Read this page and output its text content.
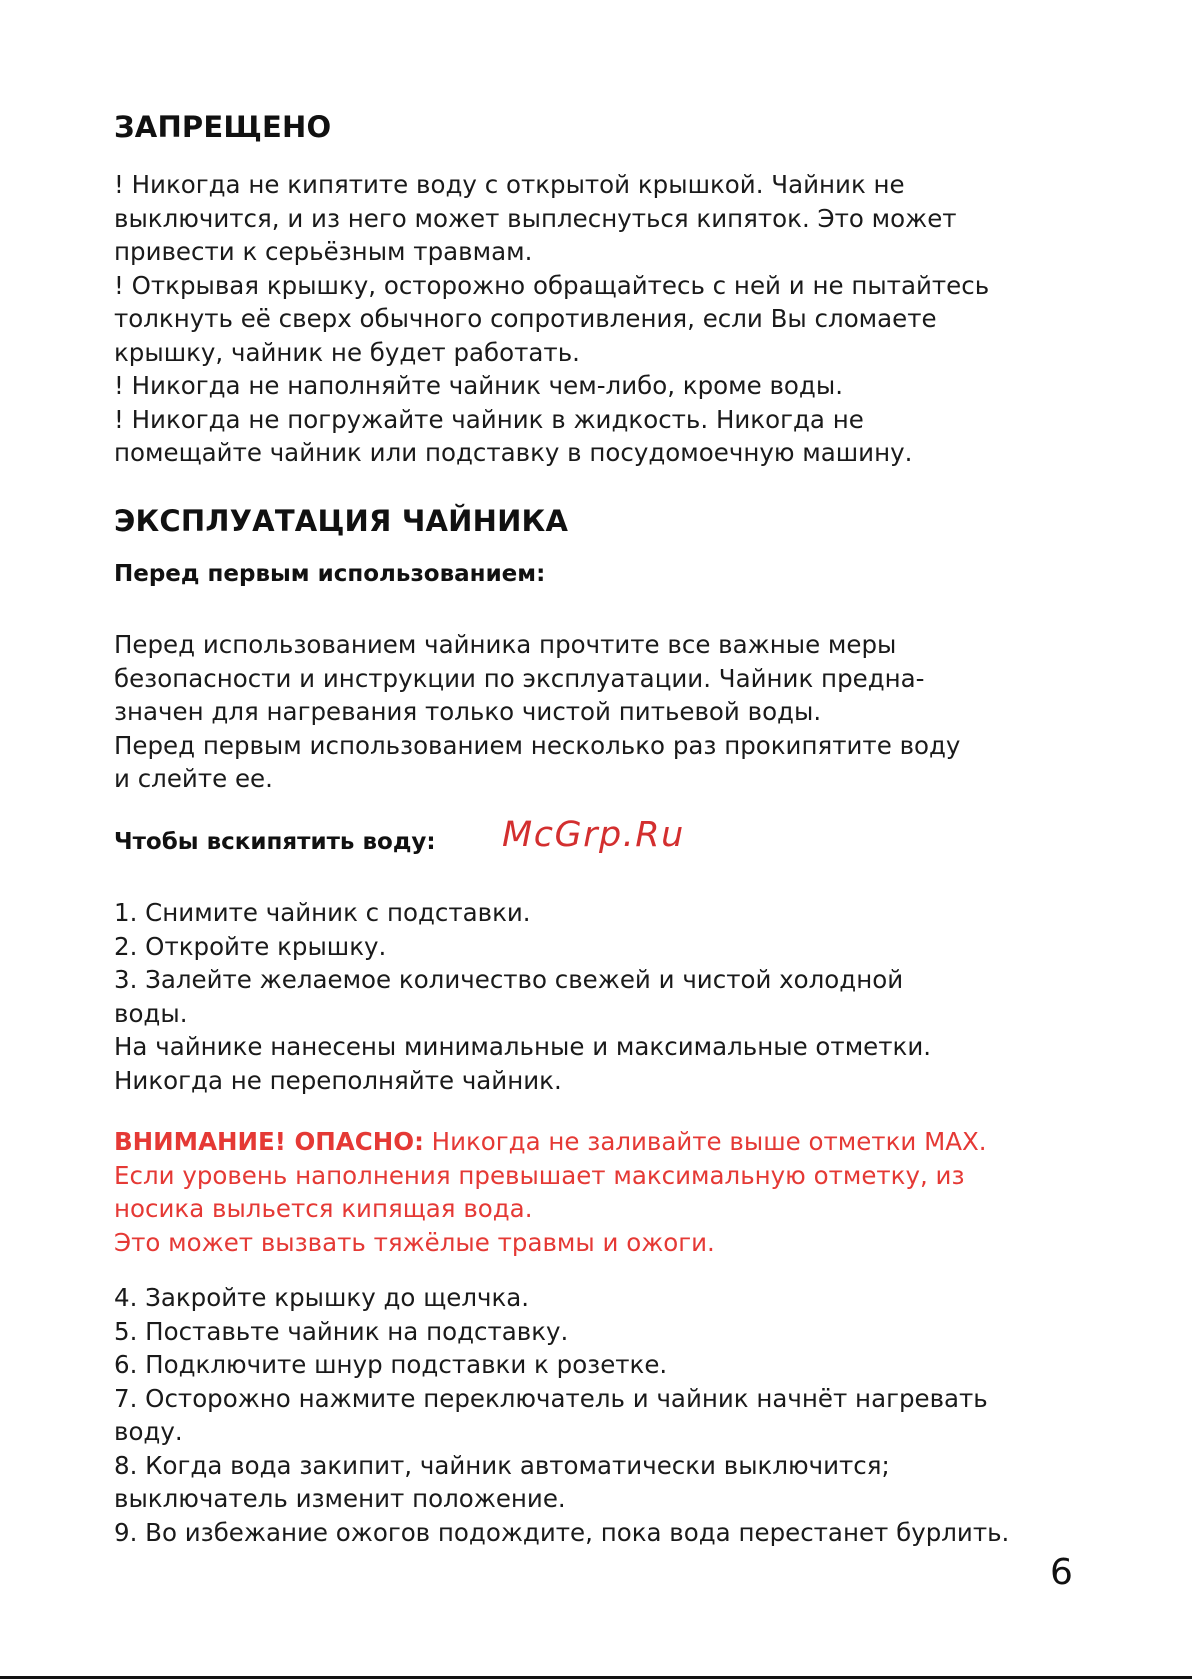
ЗАПРЕЩЕНО
! Никогда не кипятите воду с открытой крышкой. Чайник не
выключится, и из него может выплеснуться кипяток. Это может
привести к серьёзным травмам.
! Открывая крышку, осторожно обращайтесь с ней и не пытайтесь
толкнуть её сверх обычного сопротивления, если Вы сломаете
крышку, чайник не будет работать.
! Никогда не наполняйте чайник чем-либо, кроме воды.
! Никогда не погружайте чайник в жидкость. Никогда не
помещайте чайник или подставку в посудомоечную машину.
ЭКСПЛУАТАЦИЯ ЧАЙНИКА
Перед первым использованием:
Перед использованием чайника прочтите все важные меры
безопасности и инструкции по эксплуатации. Чайник предна-
значен для нагревания только чистой питьевой воды.
Перед первым использованием несколько раз прокипятите воду
и слейте ее.
Чтобы вскипятить воду:
1. Снимите чайник с подставки.
2. Откройте крышку.
3. Залейте желаемое количество свежей и чистой холодной
воды.
На чайнике нанесены минимальные и максимальные отметки.
Никогда не переполняйте чайник.
ВНИМАНИЕ! ОПАСНО: Никогда не заливайте выше отметки MAX.
Если уровень наполнения превышает максимальную отметку, из
носика выльется кипящая вода.
Это может вызвать тяжёлые травмы и ожоги.
4. Закройте крышку до щелчка.
5. Поставьте чайник на подставку.
6. Подключите шнур подставки к розетке.
7. Осторожно нажмите переключатель и чайник начнёт нагревать
воду.
8. Когда вода закипит, чайник автоматически выключится;
выключатель изменит положение.
9. Во избежание ожогов подождите, пока вода перестанет бурлить.
McGrp.Ru
6
